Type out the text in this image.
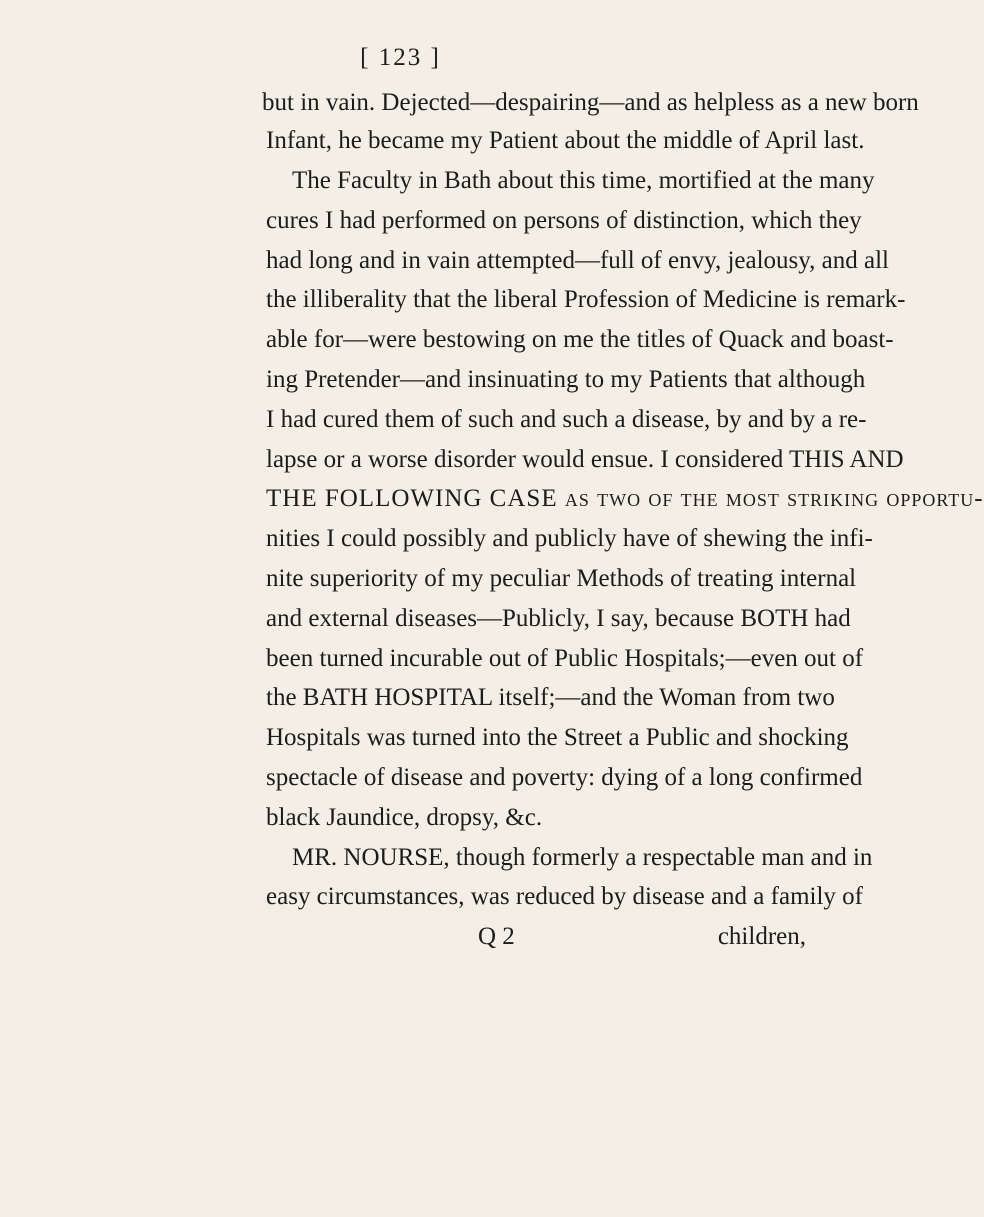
[ 123 ]
but in vain. Dejected—despairing—and as helpless as a new born
Infant, he became my Patient about the middle of April last.
The Faculty in Bath about this time, mortified at the many
cures I had performed on persons of distinction, which they
had long and in vain attempted—full of envy, jealousy, and all
the illiberality that the liberal Profession of Medicine is remark-
able for—were bestowing on me the titles of Quack and boast-
ing Pretender—and insinuating to my Patients that although
I had cured them of such and such a disease, by and by a re-
lapse or a worse disorder would ensue. I considered THIS AND
THE FOLLOWING CASE as two of the most striking opportu-
nities I could possibly and publicly have of shewing the infi-
nite superiority of my peculiar Methods of treating internal
and external diseases—Publicly, I say, because BOTH had
been turned incurable out of Public Hospitals;—even out of
the BATH HOSPITAL itself;—and the Woman from two
Hospitals was turned into the Street a Public and shocking
spectacle of disease and poverty: dying of a long confirmed
black Jaundice, dropsy, &c.
MR. NOURSE, though formerly a respectable man and in
easy circumstances, was reduced by disease and a family of
Q 2	children,
